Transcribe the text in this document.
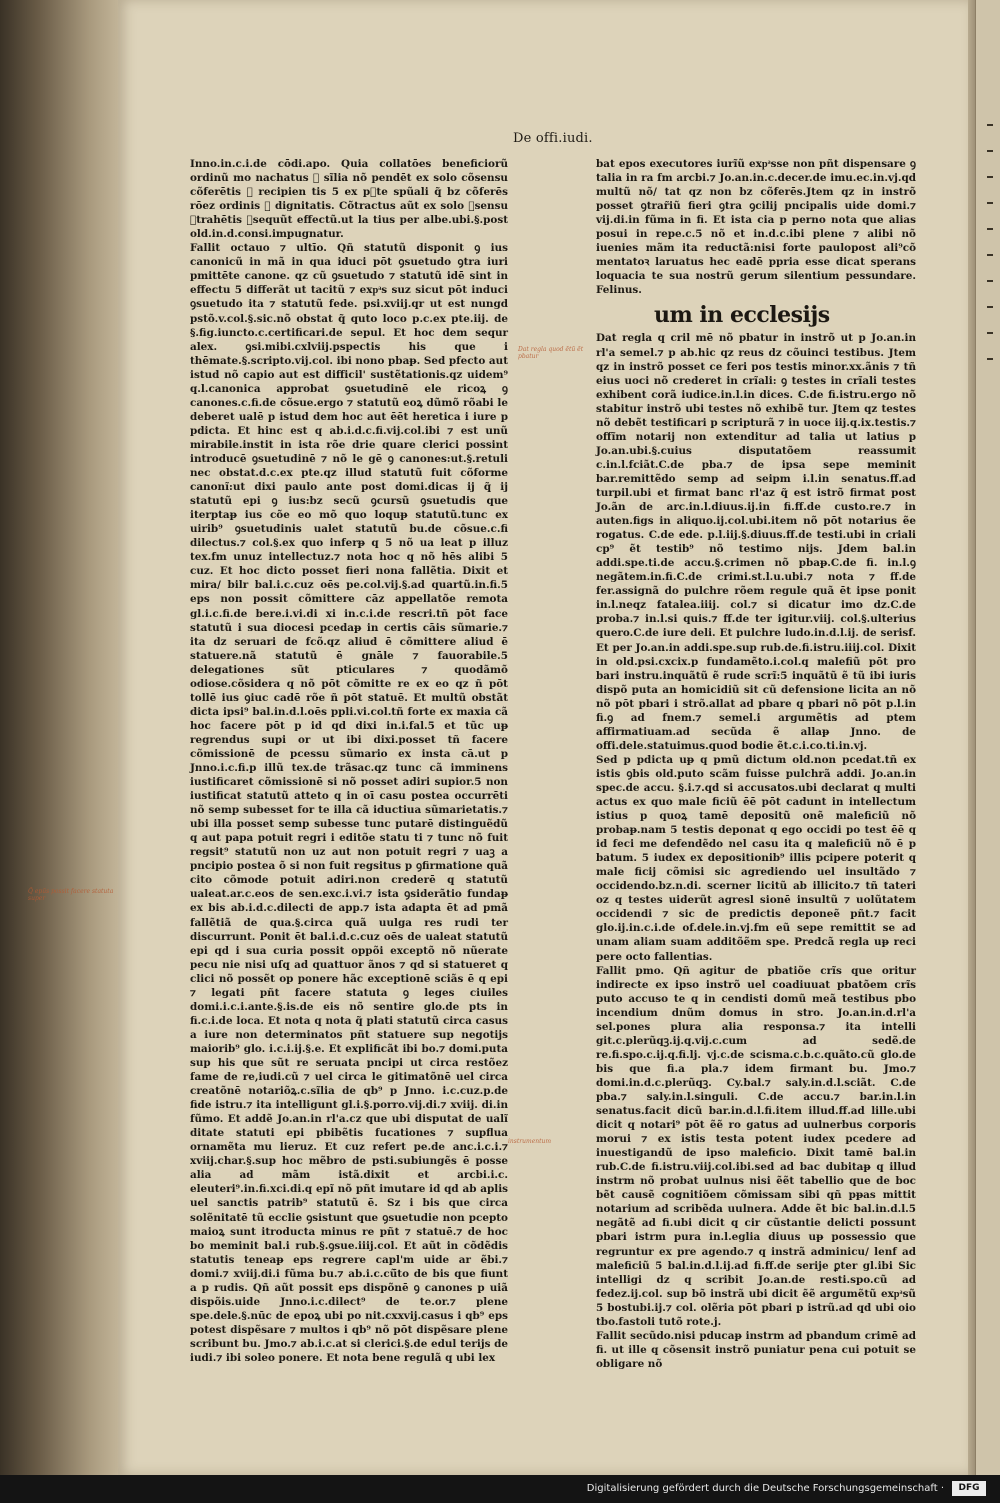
De offi.iudi.

Inno.in.c.i.de cōdi.apo. Quia collatōes beneficiorũ ordinũ mo nachatus ⁊ sĩlia nõ pendēt ex solo cõsensu cõferētis ⁊ recipien tis 5 ex pᷓte spũali q̃ bz cõferēs rōez ordinis ⁊ dignitatis. Cõtractus aũt ex solo ꝯsensu ꝯtrahētis ꝯsequũt effectũ.ut la tius per albe.ubi.§.post old.in.d.consi.impugnatur.

Fallit octauo ⁊ ultīo. Qñ statutũ disponit ꝯ ius canonicũ in mã in qua iduci pōt ꝯsuetudo ꝯtra iuri pmittēte canone. qz cũ ꝯsuetudo ⁊ statutũ idē sint in effectu 5 differãt ut tacitũ ⁊ expͣs suz sicut pōt induci ꝯsuetudo ita ⁊ statutũ fede. psi.xviij.qr ut est nungd pstõ.v.col.§.sic.nõ obstat q̃ quto loco p.c.ex pte.iij. de §.fig.iuncto.c.certificari.de sepul. Et hoc dem sequr alex. ꝯsi.mibi.cxlviij.pspectis his que i thēmate.§.scripto.vij.col. ibi nono pbaᵽ. Sed pfecto aut istud nõ capio aut est difficil' sustẽtationis.qz uidem⁹ q.l.canonica approbat ꝯsuetudinē ele ricoꝝ ꝯ canones.c.fi.de cõsue.ergo ⁊ statutũ eoꝝ dũmõ rõabi le deberet ualē p istud dem hoc aut ēēt heretica i iure p pdicta. Et hinc est q ab.i.d.c.fi.vij.col.ibi ⁊ est unũ mirabile.instit in ista rõe drie quare clerici possint introducē ꝯsuetudinē ⁊ nõ le gē ꝯ canones:ut.§.retuli nec obstat.d.c.ex pte.qz illud statutũ fuit cõforme canonĩ:ut dixi paulo ante post domi.dicas ij q̃ ij statutũ epi ꝯ ius:bz secũ ꝯcursũ ꝯsuetudis que iterptaᵽ ius cõe eo mõ quo loquᵽ statutũ.tunc ex uirib⁹ ꝯsuetudinis ualet statutũ bu.de cõsue.c.fi dilectus.⁊ col.§.ex quo inferᵽ q 5 nõ ua leat p illuz tex.fm unuz intellectuz.⁊ nota hoc q nõ hēs alibi 5 cuz. Et hoc dicto posset fieri nona fallẽtia. Dixit et mira/ bilr bal.i.c.cuz oēs pe.col.vij.§.ad quartũ.in.fi.5 eps non possit cõmittere cāz appellatõe remota gl.i.c.fi.de bere.i.vi.di xi in.c.i.de rescri.tñ pōt face statutũ i sua diocesi pcedaᵽ in certis cāis sũmarie.⁊ ita dz seruari de fcõ.qz aliud ē cõmittere aliud ē statuere.nã statutũ ē gnāle ⁊ fauorabile.5 delegationes sũt pticulares ⁊ quodãmõ odiose.cõsidera q nõ pōt cõmitte re ex eo qz ñ pōt tollē ius ꝯiuc cadē rõe ñ pōt statuē. Et multũ obstãt dicta ipsi⁹ bal.in.d.l.oēs ppli.vi.col.tñ forte ex maxia cã hoc facere pōt p id qd dixi in.i.fal.5 et tũc uᵽ regrendus supi or ut ibi dixi.posset tñ facere cõmissionē de pcessu sũmario ex insta cā.ut p Jnno.i.c.fi.p illũ tex.de trãsac.qz tunc cã imminens iustificaret cõmissionē si nõ posset adiri supior.5 non iustificat statutũ atteto q in oī casu postea occurrēti nõ semp subesset for te illa cã iductiua sũmarietatis.⁊ ubi illa posset semp subesse tunc putarē distinguẽdũ q aut papa potuit regri i editõe statu ti ⁊ tunc nõ fuit regsit⁹ statutũ non uz aut non potuit regri ⁊ uaꝫ a pncipio postea õ si non fuit regsitus p ꝯfirmatione quã cito cõmode potuit adiri.non crederē q statutũ ualeat.ar.c.eos de sen.exc.i.vi.⁊ ista ꝯsiderãtio fundaᵽ ex bis ab.i.d.c.dilecti de app.⁊ ista adapta ēt ad pmã fallẽtiã de qua.§.circa quã uulga res rudi ter discurrunt. Ponit ēt bal.i.d.c.cuz oēs de ualeat statutũ epi qd i sua curia possit oppõi exceptõ nõ nũerate pecu nie nisi uſq ad quattuor ãnos ⁊ qd si statueret q clici nõ possẽt op ponere hãc exceptionē sciãs ē q epi ⁊ legati pñt facere statuta ꝯ leges ciuiles domi.i.c.i.ante.§.is.de eis nõ sentire glo.de pts in fi.c.i.de loca. Et nota q nota q̃ plati statutũ circa casus a iure non determinatos pñt statuere sup negotijs maiorib⁹ glo. i.c.i.ij.§.e. Et explificãt ibi bo.⁊ domi.puta sup his que sũt re seruata pncipi ut circa restõez fame de re,iudi.cũ ⁊ uel circa le gitimatõnē uel circa creatõnē notariõꝝ.c.sĩlia de qb⁹ p Jnno. i.c.cuz.p.de fide istru.⁊ ita intelligunt gl.i.§.porro.vij.di.⁊ xviij. di.in fũmo. Et addẽ Jo.an.in rl'a.cz que ubi disputat de ualĩ ditate statuti epi pbibẽtis fucationes ⁊ supflua ornamẽta mu lieruz. Et cuz refert pe.de anc.i.c.i.⁊ xviij.char.§.sup hoc mẽbro de psti.subiungẽs ē posse alia ad mãm istã.dixit et arcbi.i.c. eleuteri⁹.in.fi.xci.di.q epĩ nõ pñt imutare id qd ab aplis uel sanctis patrib⁹ statutũ ē. Sz i bis que circa solẽnitatē tũ ecclie ꝯsistunt que ꝯsuetudie non pcepto maioꝝ sunt itroducta minus re pñt ⁊ statuē.⁊ de hoc bo meminit bal.i rub.§.ꝯsue.iiij.col. Et aũt in cõdẽdis statutis teneaᵽ eps regrere capl'm uide ar ẽbi.⁊ domi.⁊ xviij.di.i fũma bu.⁊ ab.i.c.cũ̄to de bis que fiunt a p rudis. Qñ aũt possit eps dispõnē ꝯ canones p uiã dispõis.uide Jnno.i.c.dilect⁹ de te.or.⁊ plene spe.dele.§.nūc de epoꝝ ubi po nit.cxxvij.casus i qb⁹ eps potest dispẽsare ⁊ multos i qb⁹ nõ pōt dispẽsare plene scribunt bu. Jmo.⁊ ab.i.c.at si clerici.§.de edul terijs de iudi.⁊ ibi soleo ponere. Et nota bene regulã q ubi lex

bat epos executores iurĩũ expͣsse non pñt dispensare ꝯ talia in ra fm arcbi.⁊ Jo.an.in.c.decer.de imu.ec.in.vj.qd multũ nõ/ tat qz non bz cõferēs.Jtem qz in instrõ posset ꝯtrar̃iũ fieri ꝯtra ꝯcilij pncipalis uide domi.⁊ vij.di.in fũma in fi. Et ista cia p perno nota que alias posui in repe.c.5 nõ et in.d.c.ibi plene ⁊ alibi nõ iuenies mãm ita reductã:nisi forte paulopost ali⁹cõ mentatoꝛ laruatus hec eadē ppria esse dicat sperans loquacia te sua nostrũ gerum silentium pessundare. Felinus.

um in ecclesijs

Dat regla q cril mē nõ pbatur in instrõ ut p Jo.an.in rl'a semel.⁊ p ab.hic qz reus dz cõuinci testibus. Jtem qz in instrõ posset ce feri pos testis minor.xx.ãnis ⁊ tñ eius uoci nõ crederet in crĩali: ꝯ testes in crĩali testes exhibent corã iudice.in.l.in dices. C.de fi.istru.ergo nõ stabitur instrõ ubi testes nõ exhibẽ tur. Jtem qz testes nõ debẽt testificari p scripturã ⁊ in uoce iij.q.ix.testis.⁊ offĩm notarij non extenditur ad talia ut latius p Jo.an.ubi.§.cuius disputatõem reassumit c.in.l.fciãt.C.de pba.⁊ de ipsa sepe meminit bar.remittẽdo semp ad seipm i.l.in senatus.ff.ad turpil.ubi et firmat banc rl'az q̃ est istrõ firmat post Jo.ãn de arc.in.l.diuus.ij.in fi.ff.de custo.re.⁊ in auten.figs in aliquo.ij.col.ubi.item nõ pōt notarius ẽe rogatus. C.de ede. p.l.iij.§.diuus.ff.de testi.ubi in criali cp⁹ ẽt testib⁹ nõ testimo nijs. Jdem bal.in addi.spe.ti.de accu.§.crimen nõ pbaᵽ.C.de fi. in.l.ꝯ negãtem.in.fi.C.de crimi.st.l.u.ubi.⁊ nota ⁊ ff.de fer.assignã do pulchre rõem regule quã ēt ipse ponit in.l.neqz fatalea.iiij. col.⁊ si dicatur imo dz.C.de proba.⁊ in.l.si quis.⁊ ff.de ter igitur.viij. col.§.ulterius quero.C.de iure deli. Et pulchre ludo.in.d.l.ij. de serisf. Et per Jo.an.in addi.spe.sup rub.de.fi.istru.iiij.col. Dixit in old.psi.cxcix.p fundamẽto.i.col.q malefiũ pōt pro bari instru.inquãtũ ẽ rude scrĩ:5 inquãtũ ẽ tũ ibi iuris dispõ puta an homicidiũ sit cũ defensione licita an nõ nõ pōt pbari i strõ.allat ad pbare q pbari nõ pōt p.l.in fi.ꝯ ad fnem.⁊ semel.i argumẽtis ad ptem affirmatiuam.ad secũda ẽ allaᵽ Jnno. de offi.dele.statuimus.quod bodie ẽt.c.i.co.ti.in.vj.

Sed p pdicta uᵽ q pmũ dictum old.non pcedat.tñ ex istis ꝯbis old.puto scãm fuisse pulchrã addi. Jo.an.in spec.de accu. §.i.⁊.qd si accusatos.ubi declarat q multi actus ex quo male ficiũ ēē pōt cadunt in intellectum istius p quoꝝ tamē depositũ onẽ maleficiũ nõ probaᵽ.nam 5 testis deponat q ego occidi po test ēē q id feci me defendẽdo nel casu ita q maleficiũ nõ ē p batum. 5 iudex ex depositionib⁹ illis pcipere poterit q male ficij cõmisi sic agrediendo uel insultãdo ⁊ occidendo.bz.n.di. scerner licitũ ab illicito.⁊ tñ tateri oz q testes uiderũt agresl sionē insultũ ⁊ uolũtatem occidendi ⁊ sic de predictis deponeẽ pñt.⁊ facit glo.ij.in.c.i.de of.dele.in.vj.fm eũ sepe remittit se ad unam aliam suam additõẽm spe. Predcã regla uᵽ reci pere octo fallentias.

Fallit pmo. Qñ agitur de pbatiõe crĩs que oritur indirecte ex ipso instrõ uel coadiuuat pbatõem crĩs puto accuso te q in cendisti domũ meã testibus pbo incendium dnũm domus in stro. Jo.an.in.d.rl'a sel.pones plura alia responsa.⁊ ita intelli git.c.plerũqꝫ.ij.q.vij.c.cum ad sedẽ.de re.fi.spo.c.ij.q.fi.lj. vj.c.de scisma.c.b.c.quãto.cũ glo.de bis que fi.a pla.⁊ idem firmant bu. Jmo.⁊ domi.in.d.c.plerũqꝫ. Cy.bal.⁊ saly.in.d.l.sciãt. C.de pba.⁊ saly.in.l.singuli. C.de accu.⁊ bar.in.l.in senatus.facit dicũ bar.in.d.l.fi.item illud.ff.ad lille.ubi dicit q notari⁹ pōt ẽẽ ro gatus ad uulnerbus corporis morui ⁊ ex istis testa potent iudex pcedere ad inuestigandũ de ipso maleficio. Dixit tamē bal.in rub.C.de fi.istru.viij.col.ibi.sed ad bac dubitaᵽ q illud instrm nõ probat uulnus nisi ẽẽt tabellio que de boc bẽt causẽ cognitiõem cõmissam sibi qñ pᵽas mittit notarium ad scribẽda uulnera. Adde ẽt bic bal.in.d.l.5 negãtẽ ad fi.ubi dicit q cir cũstantie delicti possunt pbari istrm pura in.l.eglia diuus uᵽ possessio que regruntur ex pre agendo.⁊ q instrã adminicu/ lenf ad maleficiũ 5 bal.in.d.l.ij.ad fi.ff.de serije ꝑter gl.ibi Sic intelligi dz q scribit Jo.an.de resti.spo.cũ ad fedez.ij.col. sup bõ instrã ubi dicit ẽẽ argumẽtũ expͣsũ 5 bostubi.ij.⁊ col. olẽria pōt pbari p istrũ.ad qd ubi oio tbo.fastoli tutõ rote.j.

Fallit secũdo.nisi pducaᵽ instrm ad pbandum crimē ad fi. ut ille q cõsensit instrõ puniatur pena cui potuit se obligare nõ

Q̃ epũs possit facere statuta super
Dat regla quod ẽtũ ẽt pbatur
instrumentum
Digitalisierung gefördert durch die Deutsche Forschungsgemeinschaft ·	DFG
